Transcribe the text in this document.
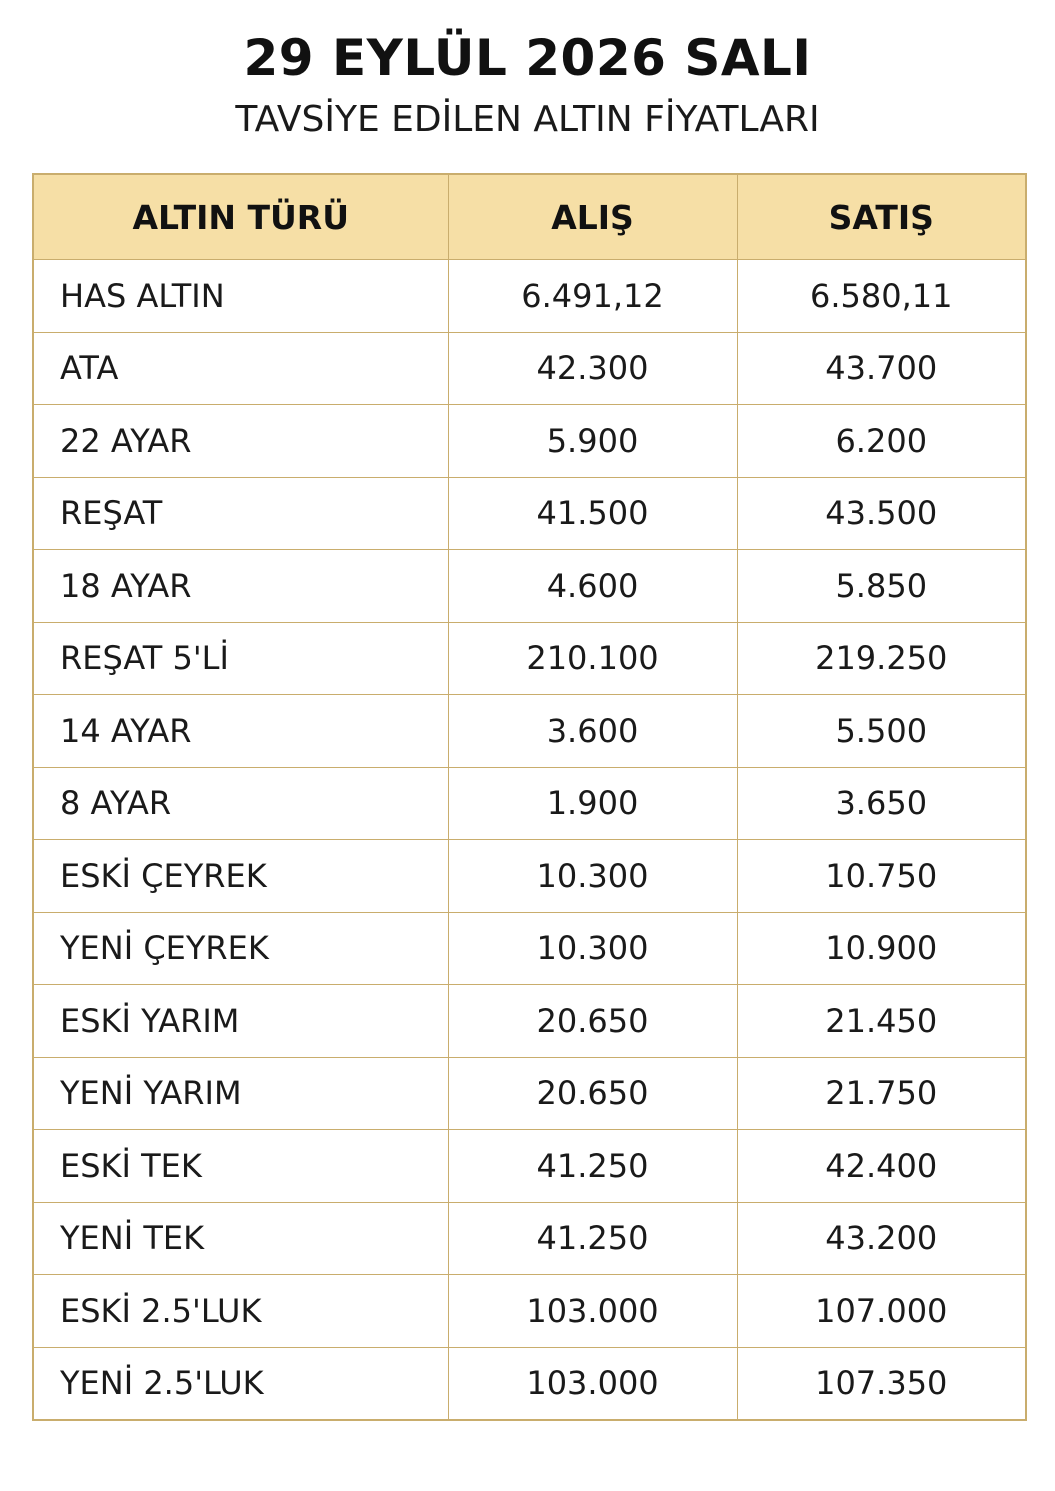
29 EYLÜL 2026 SALI
TAVSİYE EDİLEN ALTIN FİYATLARI
ALTIN TÜRÜ	ALIŞ	SATIŞ
HAS ALTIN	6.491,12	6.580,11
ATA	42.300	43.700
22 AYAR	5.900	6.200
REŞAT	41.500	43.500
18 AYAR	4.600	5.850
REŞAT 5'Lİ	210.100	219.250
14 AYAR	3.600	5.500
8 AYAR	1.900	3.650
ESKİ ÇEYREK	10.300	10.750
YENİ ÇEYREK	10.300	10.900
ESKİ YARIM	20.650	21.450
YENİ YARIM	20.650	21.750
ESKİ TEK	41.250	42.400
YENİ TEK	41.250	43.200
ESKİ 2.5'LUK	103.000	107.000
YENİ 2.5'LUK	103.000	107.350
